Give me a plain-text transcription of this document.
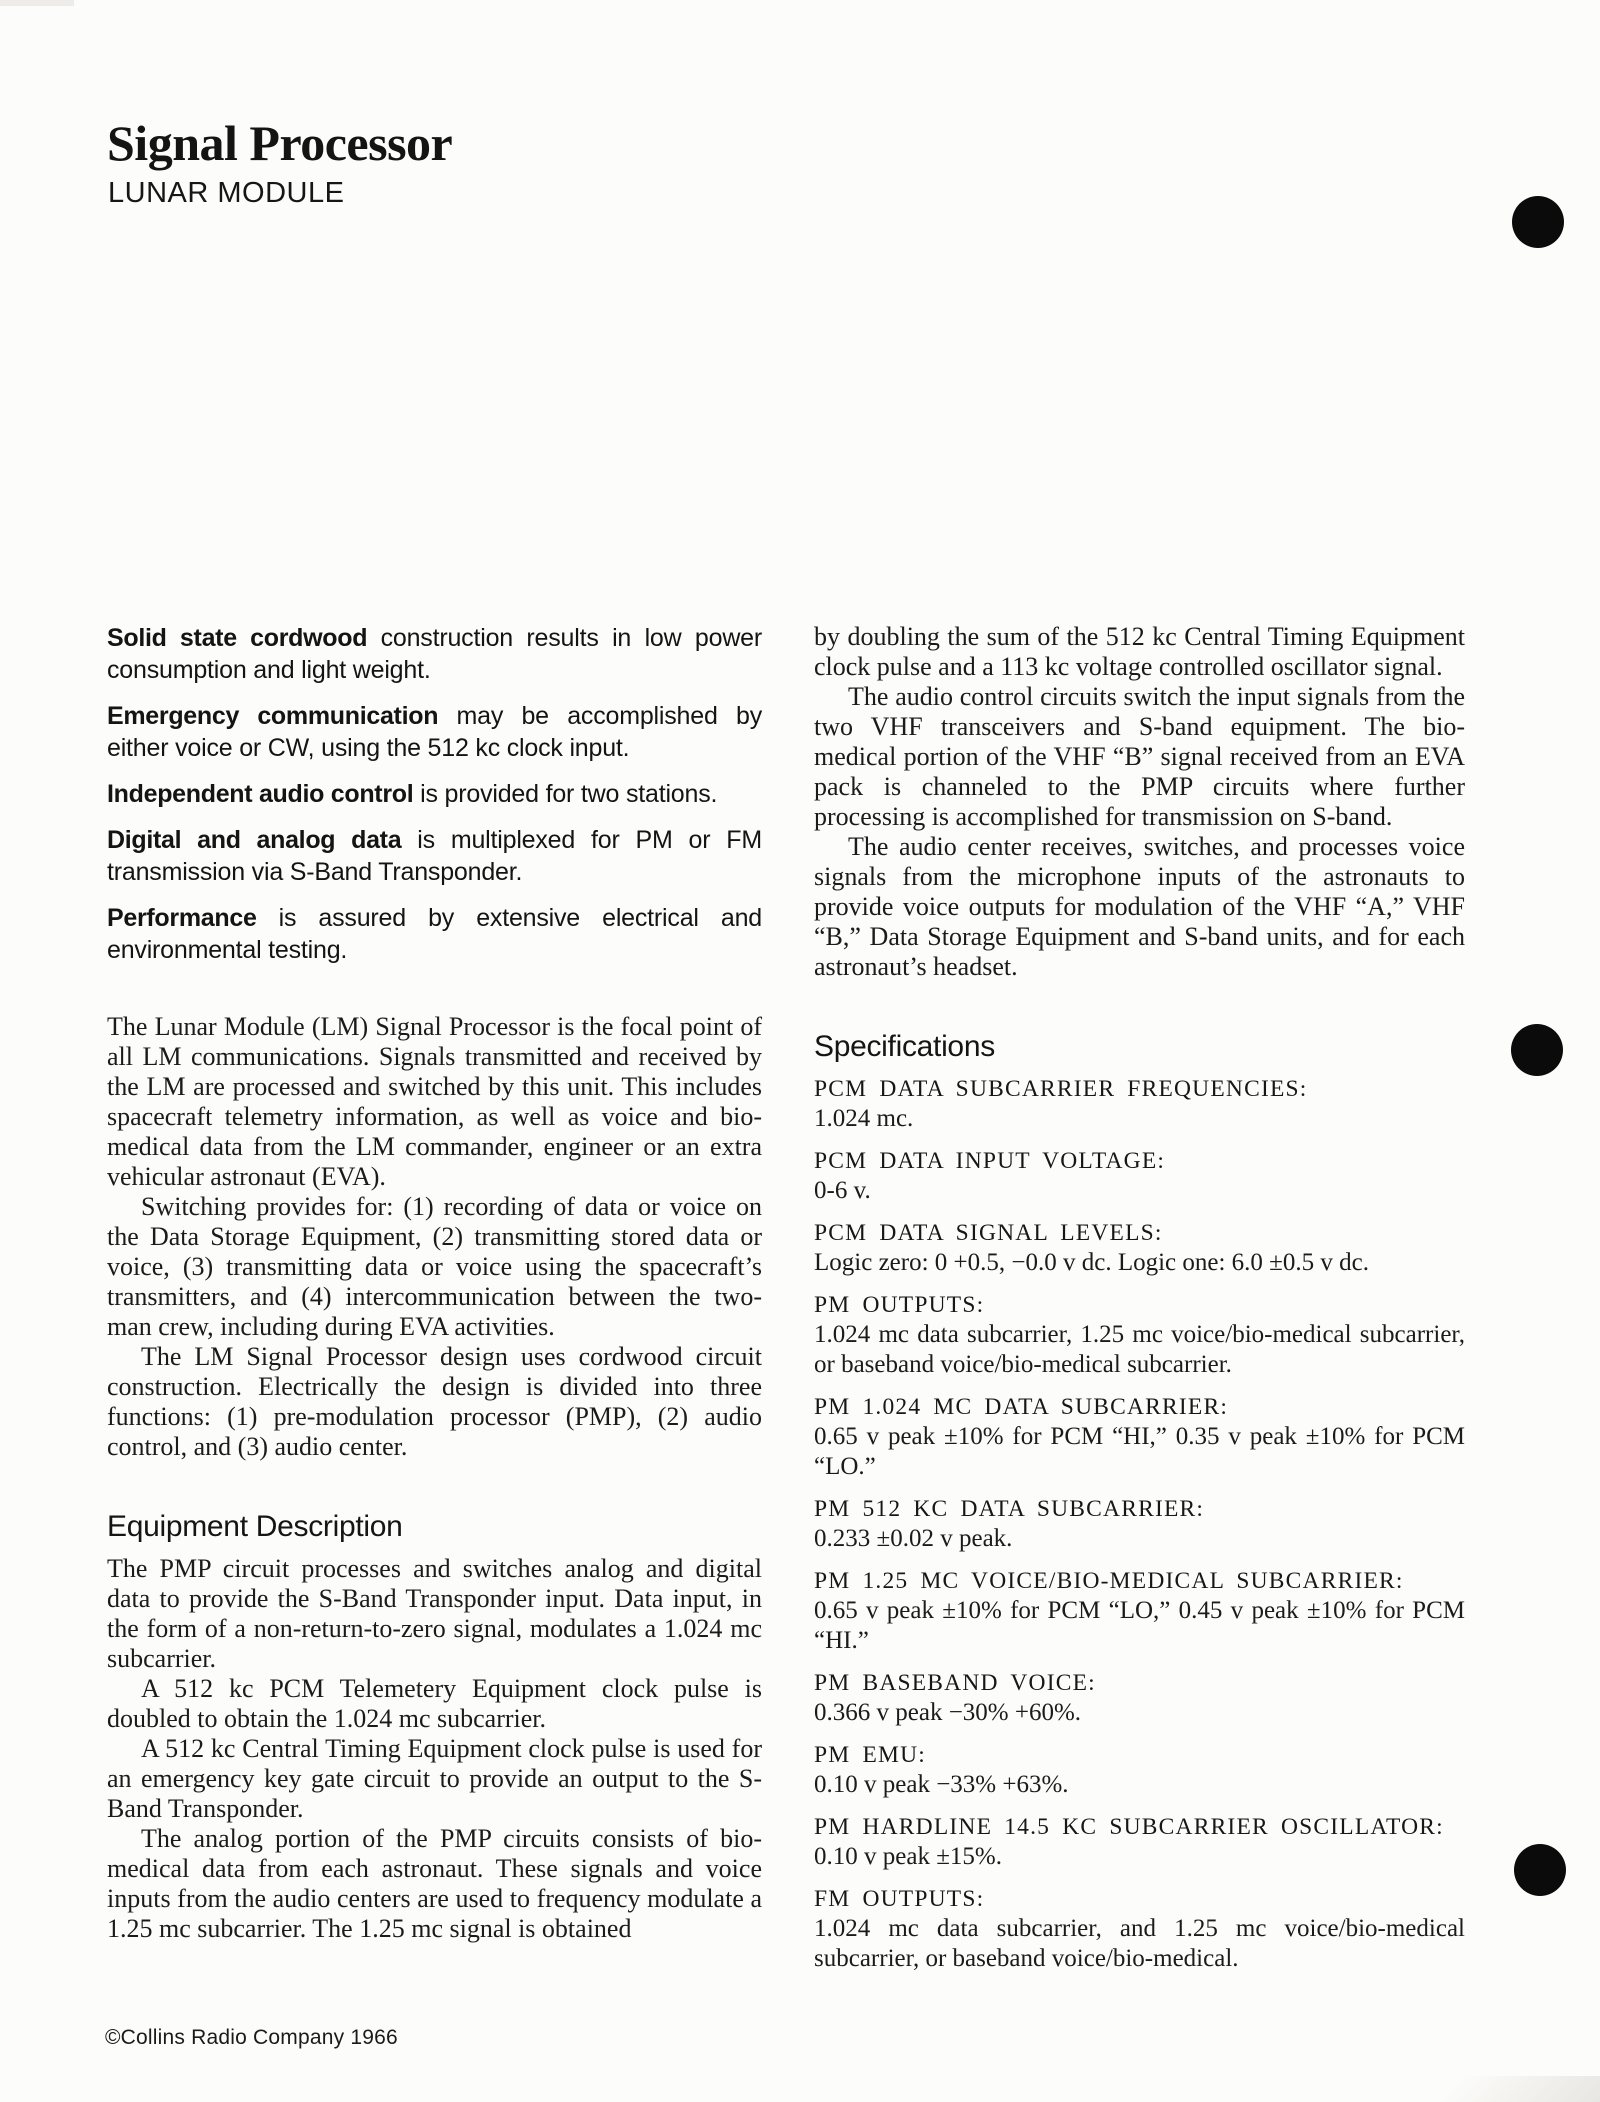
Signal Processor
LUNAR MODULE

Solid state cordwood construction results in low power consumption and light weight.

Emergency communication may be accomplished by either voice or CW, using the 512 kc clock input.

Independent audio control is provided for two stations.

Digital and analog data is multiplexed for PM or FM transmission via S-Band Transponder.

Performance is assured by extensive electrical and environmental testing.

The Lunar Module (LM) Signal Processor is the focal point of all LM communications. Signals transmitted and received by the LM are processed and switched by this unit. This includes spacecraft telemetry information, as well as voice and bio-medical data from the LM commander, engineer or an extra vehicular astronaut (EVA).

Switching provides for: (1) recording of data or voice on the Data Storage Equipment, (2) transmitting stored data or voice, (3) transmitting data or voice using the spacecraft’s transmitters, and (4) intercommunication between the two-man crew, including during EVA activities.

The LM Signal Processor design uses cordwood circuit construction. Electrically the design is divided into three functions: (1) pre-modulation processor (PMP), (2) audio control, and (3) audio center.

Equipment Description

The PMP circuit processes and switches analog and digital data to provide the S-Band Transponder input. Data input, in the form of a non-return-to-zero signal, modulates a 1.024 mc subcarrier.

A 512 kc PCM Telemetery Equipment clock pulse is doubled to obtain the 1.024 mc subcarrier.

A 512 kc Central Timing Equipment clock pulse is used for an emergency key gate circuit to provide an output to the S-Band Transponder.

The analog portion of the PMP circuits consists of bio-medical data from each astronaut. These signals and voice inputs from the audio centers are used to frequency modulate a 1.25 mc subcarrier. The 1.25 mc signal is obtained

by doubling the sum of the 512 kc Central Timing Equipment clock pulse and a 113 kc voltage controlled oscillator signal.

The audio control circuits switch the input signals from the two VHF transceivers and S-band equipment. The bio-medical portion of the VHF “B” signal received from an EVA pack is channeled to the PMP circuits where further processing is accomplished for transmission on S-band.

The audio center receives, switches, and processes voice signals from the microphone inputs of the astronauts to provide voice outputs for modulation of the VHF “A,” VHF “B,” Data Storage Equipment and S-band units, and for each astronaut’s headset.

Specifications
PCM DATA SUBCARRIER FREQUENCIES:
1.024 mc.
PCM DATA INPUT VOLTAGE:
0-6 v.
PCM DATA SIGNAL LEVELS:
Logic zero: 0 +0.5, −0.0 v dc. Logic one: 6.0 ±0.5 v dc.
PM OUTPUTS:
1.024 mc data subcarrier, 1.25 mc voice/bio-medical subcarrier, or baseband voice/bio-medical subcarrier.
PM 1.024 MC DATA SUBCARRIER:
0.65 v peak ±10% for PCM “HI,” 0.35 v peak ±10% for PCM “LO.”
PM 512 KC DATA SUBCARRIER:
0.233 ±0.02 v peak.
PM 1.25 MC VOICE/BIO-MEDICAL SUBCARRIER:
0.65 v peak ±10% for PCM “LO,” 0.45 v peak ±10% for PCM “HI.”
PM BASEBAND VOICE:
0.366 v peak −30% +60%.
PM EMU:
0.10 v peak −33% +63%.
PM HARDLINE 14.5 KC SUBCARRIER OSCILLATOR:
0.10 v peak ±15%.
FM OUTPUTS:
1.024 mc data subcarrier, and 1.25 mc voice/bio-medical subcarrier, or baseband voice/bio-medical.
©Collins Radio Company 1966
